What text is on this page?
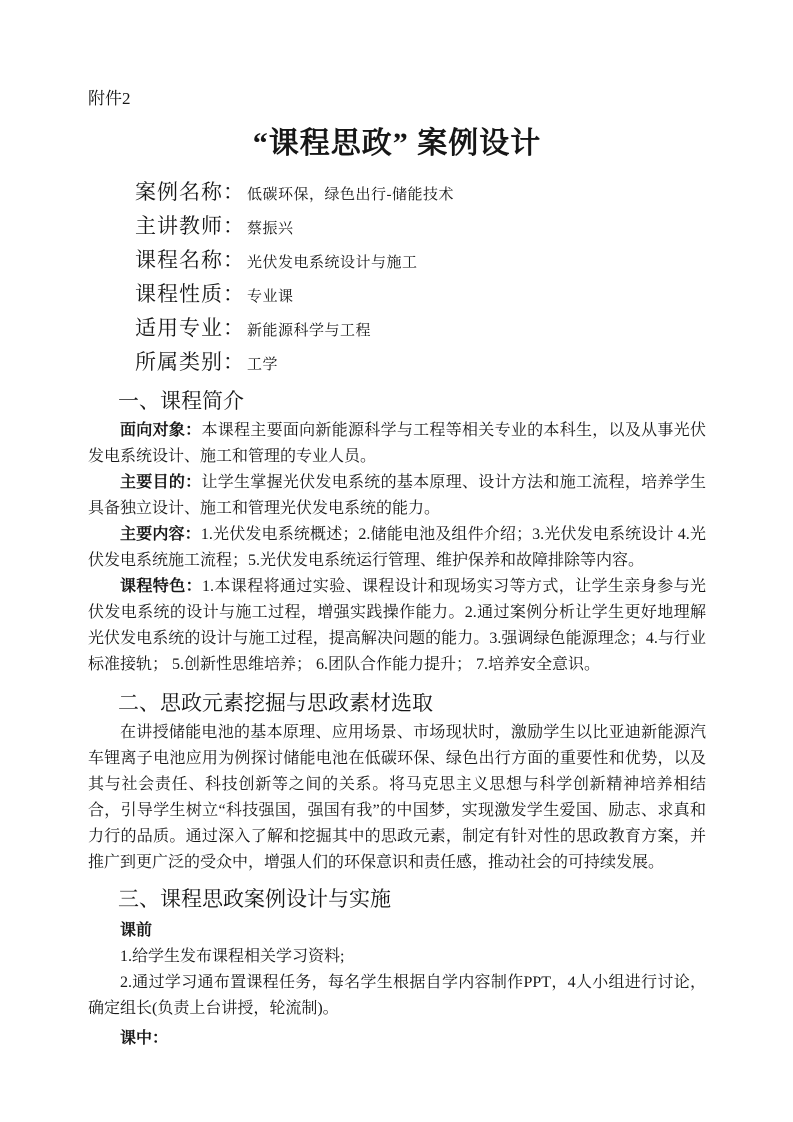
附件2
“课程思政” 案例设计
案例名称： 低碳环保，绿色出行-储能技术
主讲教师： 蔡振兴
课程名称： 光伏发电系统设计与施工
课程性质： 专业课
适用专业： 新能源科学与工程
所属类别： 工学
一、课程简介

面向对象：本课程主要面向新能源科学与工程等相关专业的本科生，以及从事光伏发电系统设计、施工和管理的专业人员。

主要目的：让学生掌握光伏发电系统的基本原理、设计方法和施工流程，培养学生具备独立设计、施工和管理光伏发电系统的能力。

主要内容：1.光伏发电系统概述；2.储能电池及组件介绍；3.光伏发电系统设计 4.光伏发电系统施工流程；5.光伏发电系统运行管理、维护保养和故障排除等内容。

课程特色：1.本课程将通过实验、课程设计和现场实习等方式，让学生亲身参与光伏发电系统的设计与施工过程，增强实践操作能力。2.通过案例分析让学生更好地理解光伏发电系统的设计与施工过程，提高解决问题的能力。3.强调绿色能源理念；4.与行业标准接轨； 5.创新性思维培养； 6.团队合作能力提升； 7.培养安全意识。

二、思政元素挖掘与思政素材选取

在讲授储能电池的基本原理、应用场景、市场现状时，激励学生以比亚迪新能源汽车锂离子电池应用为例探讨储能电池在低碳环保、绿色出行方面的重要性和优势，以及其与社会责任、科技创新等之间的关系。将马克思主义思想与科学创新精神培养相结合，引导学生树立“科技强国，强国有我”的中国梦，实现激发学生爱国、励志、求真和力行的品质。通过深入了解和挖掘其中的思政元素，制定有针对性的思政教育方案，并推广到更广泛的受众中，增强人们的环保意识和责任感，推动社会的可持续发展。

三、课程思政案例设计与实施
课前

1.给学生发布课程相关学习资料;

2.通过学习通布置课程任务，每名学生根据自学内容制作PPT，4人小组进行讨论，确定组长(负责上台讲授，轮流制)。

课中：
